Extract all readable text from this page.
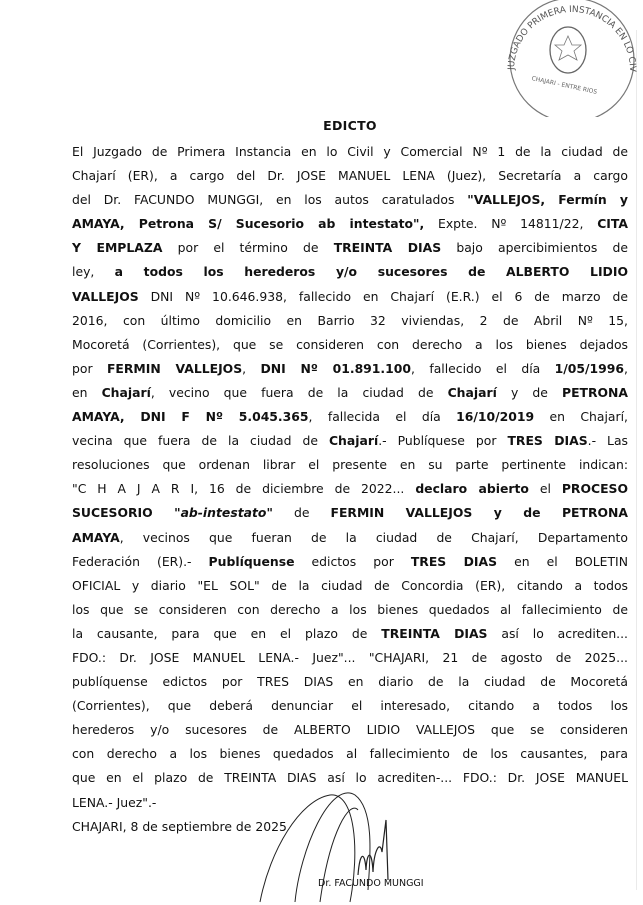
JUZGADO PRIMERA INSTANCIA EN LO CIV
CHAJARI - ENTRE RIOS
EDICTO
El Juzgado de Primera Instancia en lo Civil y Comercial Nº 1 de la ciudad de
Chajarí (ER), a cargo del Dr. JOSE MANUEL LENA (Juez), Secretaría a cargo
del Dr. FACUNDO MUNGGI, en los autos caratulados "VALLEJOS, Fermín y
AMAYA, Petrona S/ Sucesorio ab intestato", Expte. Nº 14811/22, CITA
Y EMPLAZA por el término de TREINTA DIAS bajo apercibimientos de
ley, a todos los herederos y/o sucesores de ALBERTO LIDIO
VALLEJOS DNI Nº 10.646.938, fallecido en Chajarí (E.R.) el 6 de marzo de
2016, con último domicilio en Barrio 32 viviendas, 2 de Abril Nº 15,
Mocoretá (Corrientes), que se consideren con derecho a los bienes dejados
por FERMIN VALLEJOS, DNI Nº 01.891.100, fallecido el día 1/05/1996,
en Chajarí, vecino que fuera de la ciudad de Chajarí y de PETRONA
AMAYA, DNI F Nº 5.045.365, fallecida el día 16/10/2019 en Chajarí,
vecina que fuera de la ciudad de Chajarí.- Publíquese por TRES DIAS.- Las
resoluciones que ordenan librar el presente en su parte pertinente indican:
"C H A J A R I, 16 de diciembre de 2022... declaro abierto el PROCESO
SUCESORIO "ab-intestato" de FERMIN VALLEJOS y de PETRONA
AMAYA, vecinos que fueran de la ciudad de Chajarí, Departamento
Federación (ER).- Publíquense edictos por TRES DIAS en el BOLETIN
OFICIAL y diario "EL SOL" de la ciudad de Concordia (ER), citando a todos
los que se consideren con derecho a los bienes quedados al fallecimiento de
la causante, para que en el plazo de TREINTA DIAS así lo acrediten...
FDO.: Dr. JOSE MANUEL LENA.- Juez"... "CHAJARI, 21 de agosto de 2025...
publíquense edictos por TRES DIAS en diario de la ciudad de Mocoretá
(Corrientes), que deberá denunciar el interesado, citando a todos los
herederos y/o sucesores de ALBERTO LIDIO VALLEJOS que se consideren
con derecho a los bienes quedados al fallecimiento de los causantes, para
que en el plazo de TREINTA DIAS así lo acrediten-... FDO.: Dr. JOSE MANUEL
LENA.- Juez".-
CHAJARI, 8 de septiembre de 2025
Dr. FACUNDO MUNGGI
